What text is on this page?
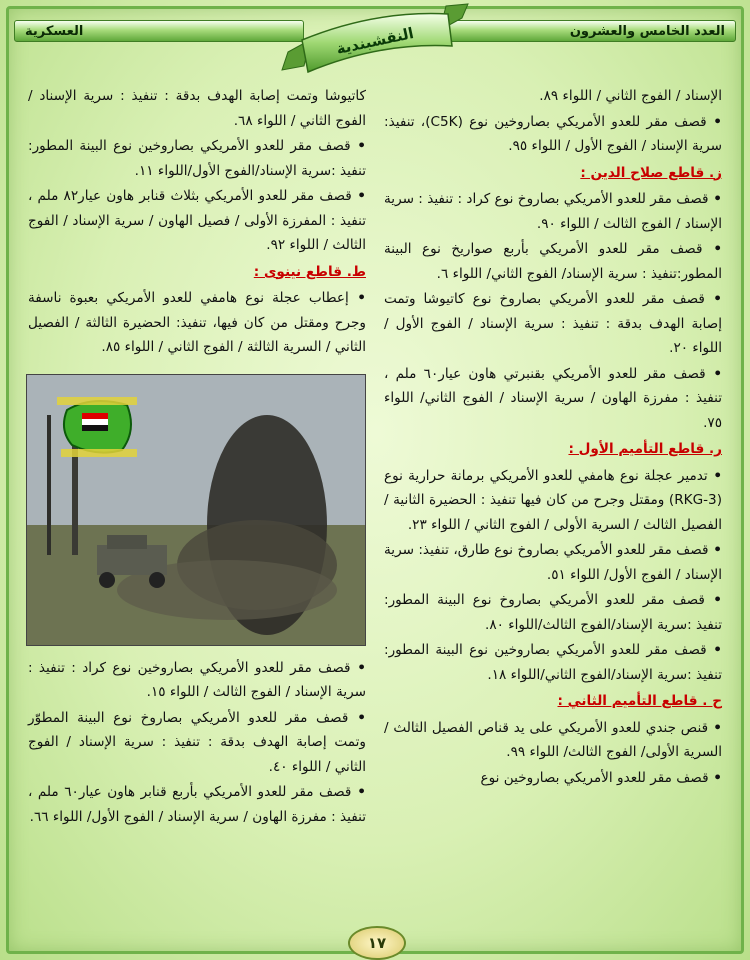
العدد الخامس والعشرون
العسكرية	النقشبندية

الإسناد / الفوج الثاني / اللواء ٨٩.

• قصف مقر للعدو الأمريكي بصاروخين نوع (C5K)، تنفيذ: سرية الإسناد / الفوج الأول / اللواء ٩٥.

ز. قاطع صلاح الدين :

• قصف مقر للعدو الأمريكي بصاروخ نوع كراد : تنفيذ : سرية الإسناد / الفوج الثالث / اللواء ٩٠.

• قصف مقر للعدو الأمريكي بأربع صواريخ نوع البينة المطور:تنفيذ : سرية الإسناد/ الفوج الثاني/ اللواء ٦.

• قصف مقر للعدو الأمريكي بصاروخ نوع كاتيوشا وتمت إصابة الهدف بدقة : تنفيذ : سرية الإسناد / الفوج الأول / اللواء ٢٠.

• قصف مقر للعدو الأمريكي بقنبرتي هاون عيار٦٠ ملم ، تنفيذ : مفرزة الهاون / سرية الإسناد / الفوج الثاني/ اللواء ٧٥.

ر. قاطع التأميم الأول :

• تدمير عجلة نوع هامفي للعدو الأمريكي برمانة حرارية نوع (RKG-3) ومقتل وجرح من كان فيها تنفيذ : الحضيرة الثانية / الفصيل الثالث / السرية الأولى / الفوج الثاني / اللواء ٢٣.

• قصف مقر للعدو الأمريكي بصاروخ نوع طارق، تنفيذ: سرية الإسناد / الفوج الأول/ اللواء ٥١.

• قصف مقر للعدو الأمريكي بصاروخ نوع البينة المطور: تنفيذ :سرية الإسناد/الفوج الثالث/اللواء ٨٠.

• قصف مقر للعدو الأمريكي بصاروخين نوع البينة المطور: تنفيذ :سرية الإسناد/الفوج الثاني/اللواء ١٨.

ح . قاطع التأميم الثاني :

• قنص جندي للعدو الأمريكي على يد قناص الفصيل الثالث / السرية الأولى/ الفوج الثالث/ اللواء ٩٩.

• قصف مقر للعدو الأمريكي بصاروخين نوع

كاتيوشا وتمت إصابة الهدف بدقة : تنفيذ : سرية الإسناد / الفوج الثاني / اللواء ٦٨.

• قصف مقر للعدو الأمريكي بصاروخين نوع البينة المطور: تنفيذ :سرية الإسناد/الفوج الأول/اللواء ١١.

• قصف مقر للعدو الأمريكي بثلاث قنابر هاون عيار٨٢ ملم ، تنفيذ : المفرزة الأولى / فصيل الهاون / سرية الإسناد / الفوج الثالث / اللواء ٩٢.

ط. قاطع نينوى :

• إعطاب عجلة نوع هامفي للعدو الأمريكي بعبوة ناسفة وجرح ومقتل من كان فيها، تنفيذ: الحضيرة الثالثة / الفصيل الثاني / السرية الثالثة / الفوج الثاني / اللواء ٨٥.

• قصف مقر للعدو الأمريكي بصاروخين نوع كراد : تنفيذ : سرية الإسناد / الفوج الثالث / اللواء ١٥.

• قصف مقر للعدو الأمريكي بصاروخ نوع البينة المطوّر وتمت إصابة الهدف بدقة : تنفيذ : سرية الإسناد / الفوج الثاني / اللواء ٤٠.

• قصف مقر للعدو الأمريكي بأربع قنابر هاون عيار٦٠ ملم ، تنفيذ : مفرزة الهاون / سرية الإسناد / الفوج الأول/ اللواء ٦٦.

١٧
